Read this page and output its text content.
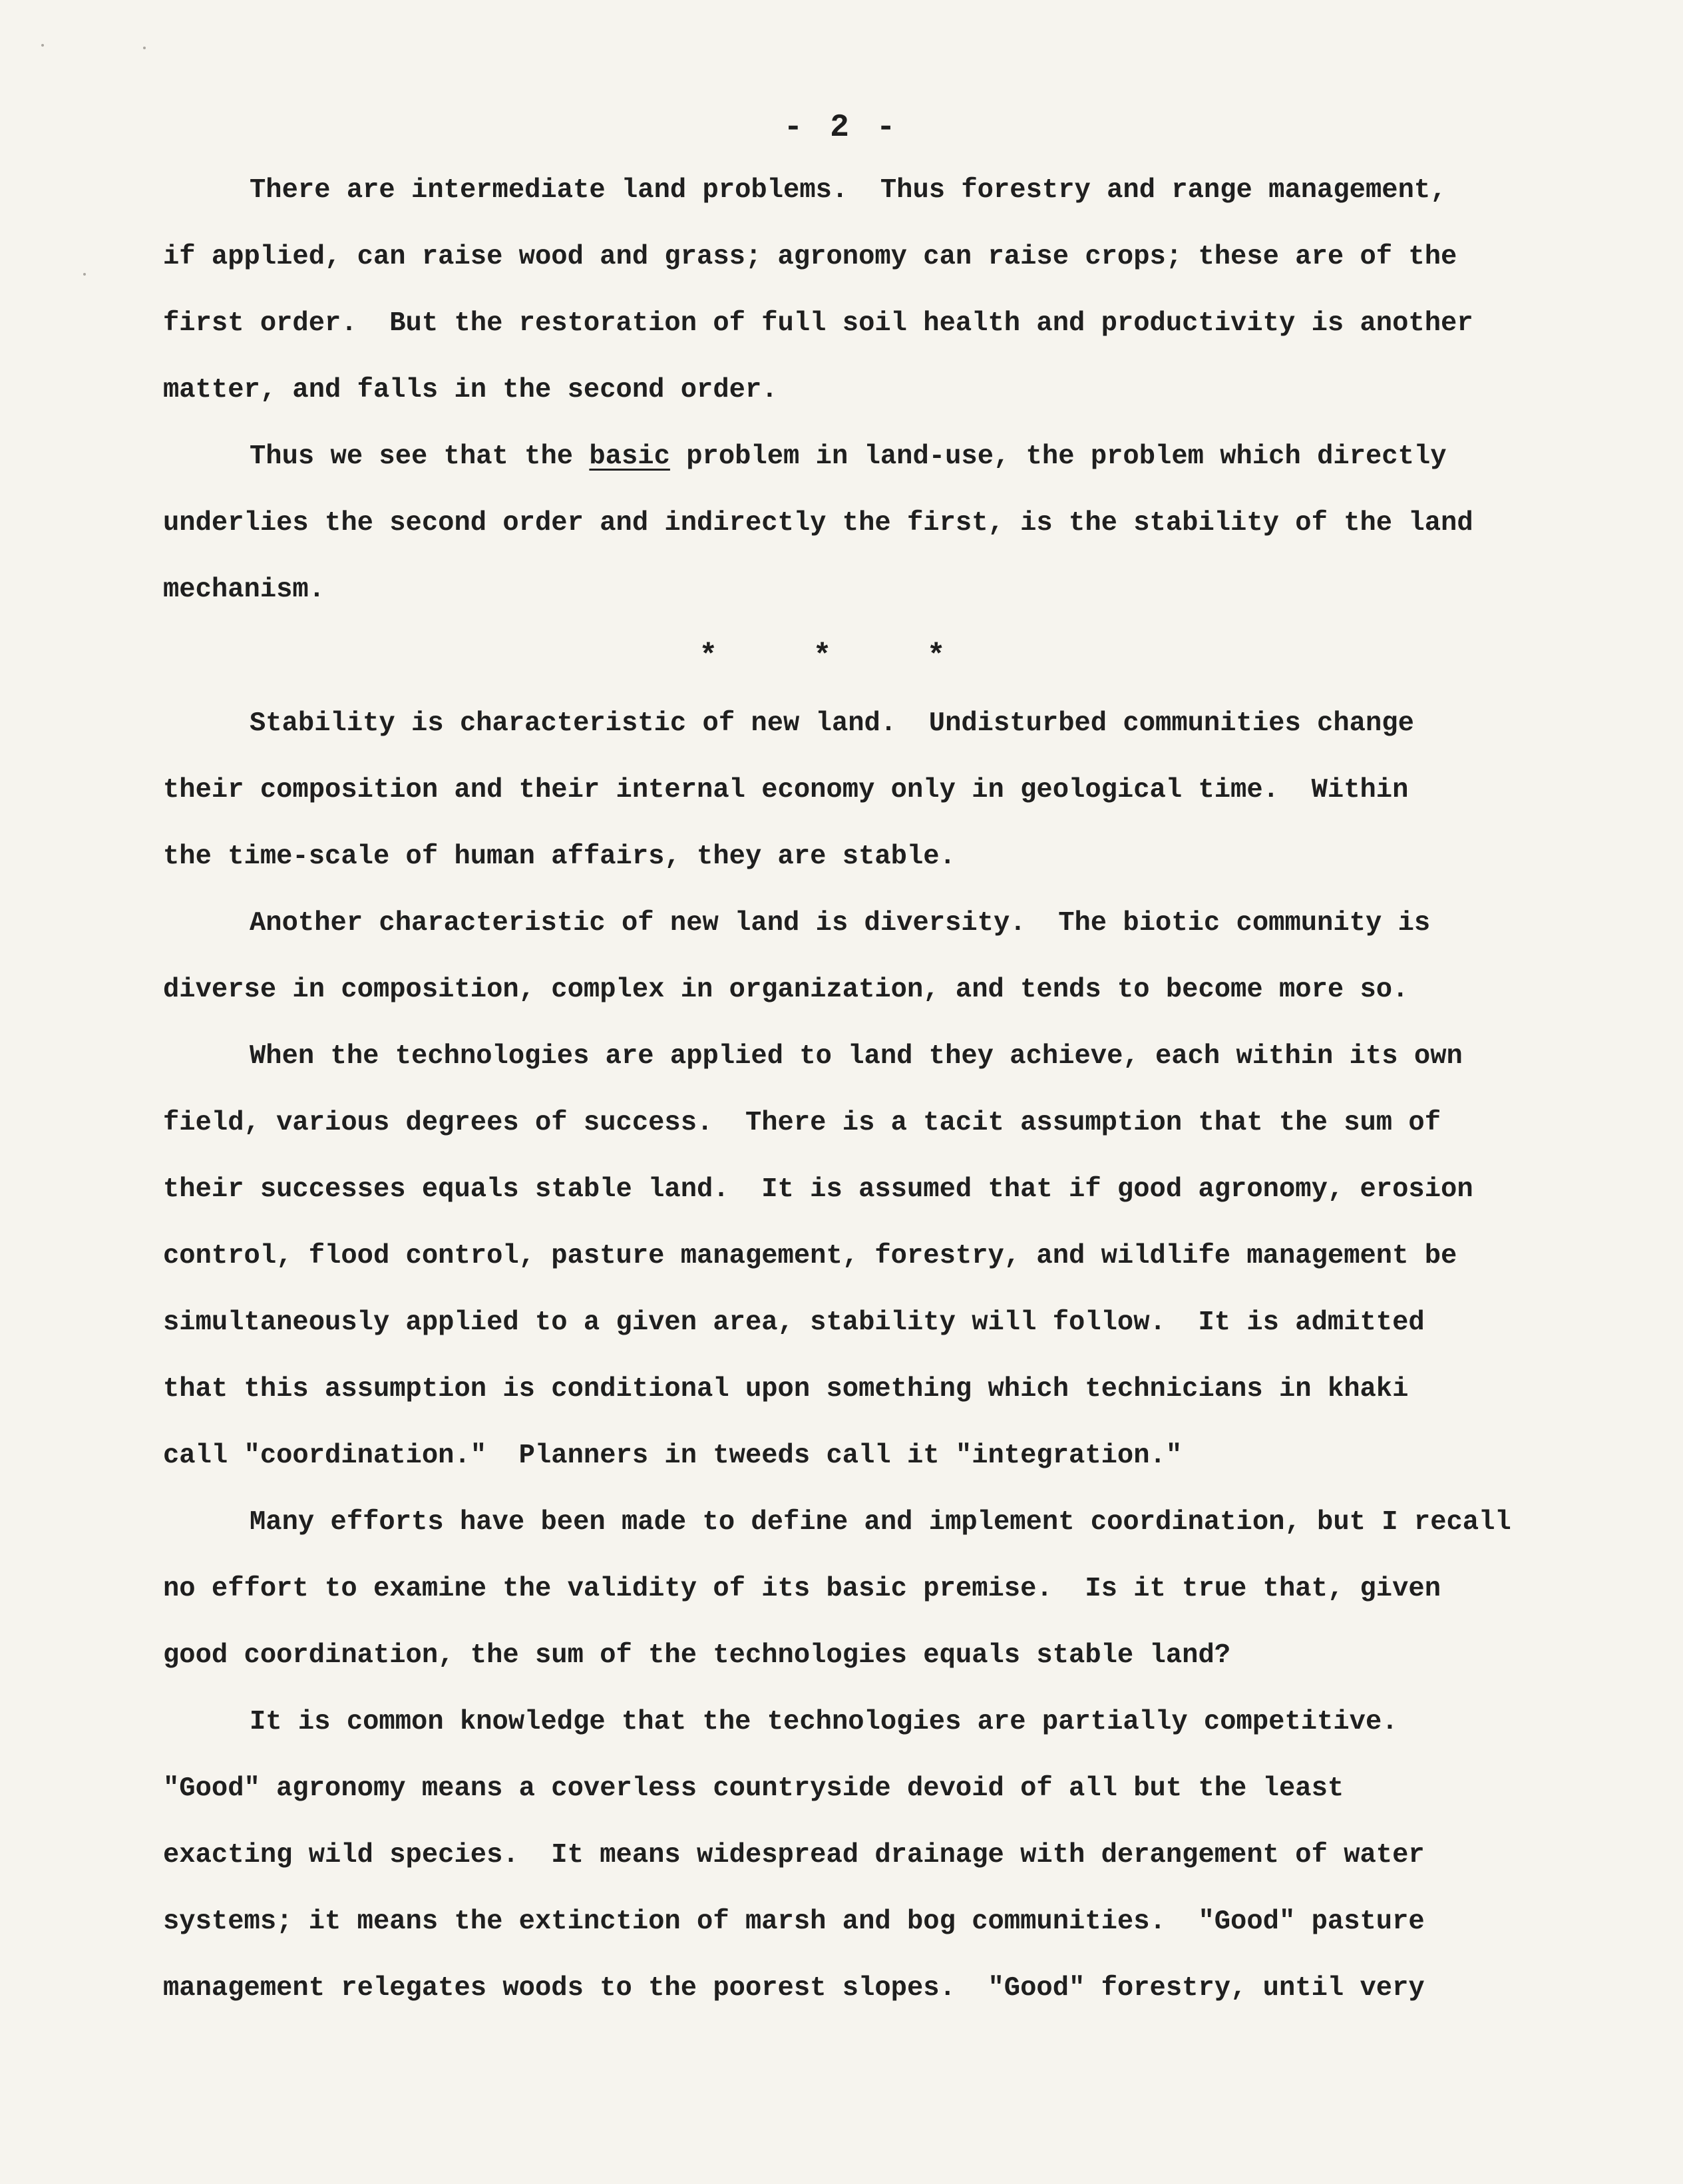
- 2 -
There are intermediate land problems.  Thus forestry and range management,
if applied, can raise wood and grass; agronomy can raise crops; these are of the
first order.  But the restoration of full soil health and productivity is another
matter, and falls in the second order.
Thus we see that the basic problem in land-use, the problem which directly
underlies the second order and indirectly the first, is the stability of the land
mechanism.
Stability is characteristic of new land.  Undisturbed communities change
their composition and their internal economy only in geological time.  Within
the time-scale of human affairs, they are stable.
Another characteristic of new land is diversity.  The biotic community is
diverse in composition, complex in organization, and tends to become more so.
When the technologies are applied to land they achieve, each within its own
field, various degrees of success.  There is a tacit assumption that the sum of
their successes equals stable land.  It is assumed that if good agronomy, erosion
control, flood control, pasture management, forestry, and wildlife management be
simultaneously applied to a given area, stability will follow.  It is admitted
that this assumption is conditional upon something which technicians in khaki
call "coordination."  Planners in tweeds call it "integration."
Many efforts have been made to define and implement coordination, but I recall
no effort to examine the validity of its basic premise.  Is it true that, given
good coordination, the sum of the technologies equals stable land?
It is common knowledge that the technologies are partially competitive.
"Good" agronomy means a coverless countryside devoid of all but the least
exacting wild species.  It means widespread drainage with derangement of water
systems; it means the extinction of marsh and bog communities.  "Good" pasture
management relegates woods to the poorest slopes.  "Good" forestry, until very
* * *
